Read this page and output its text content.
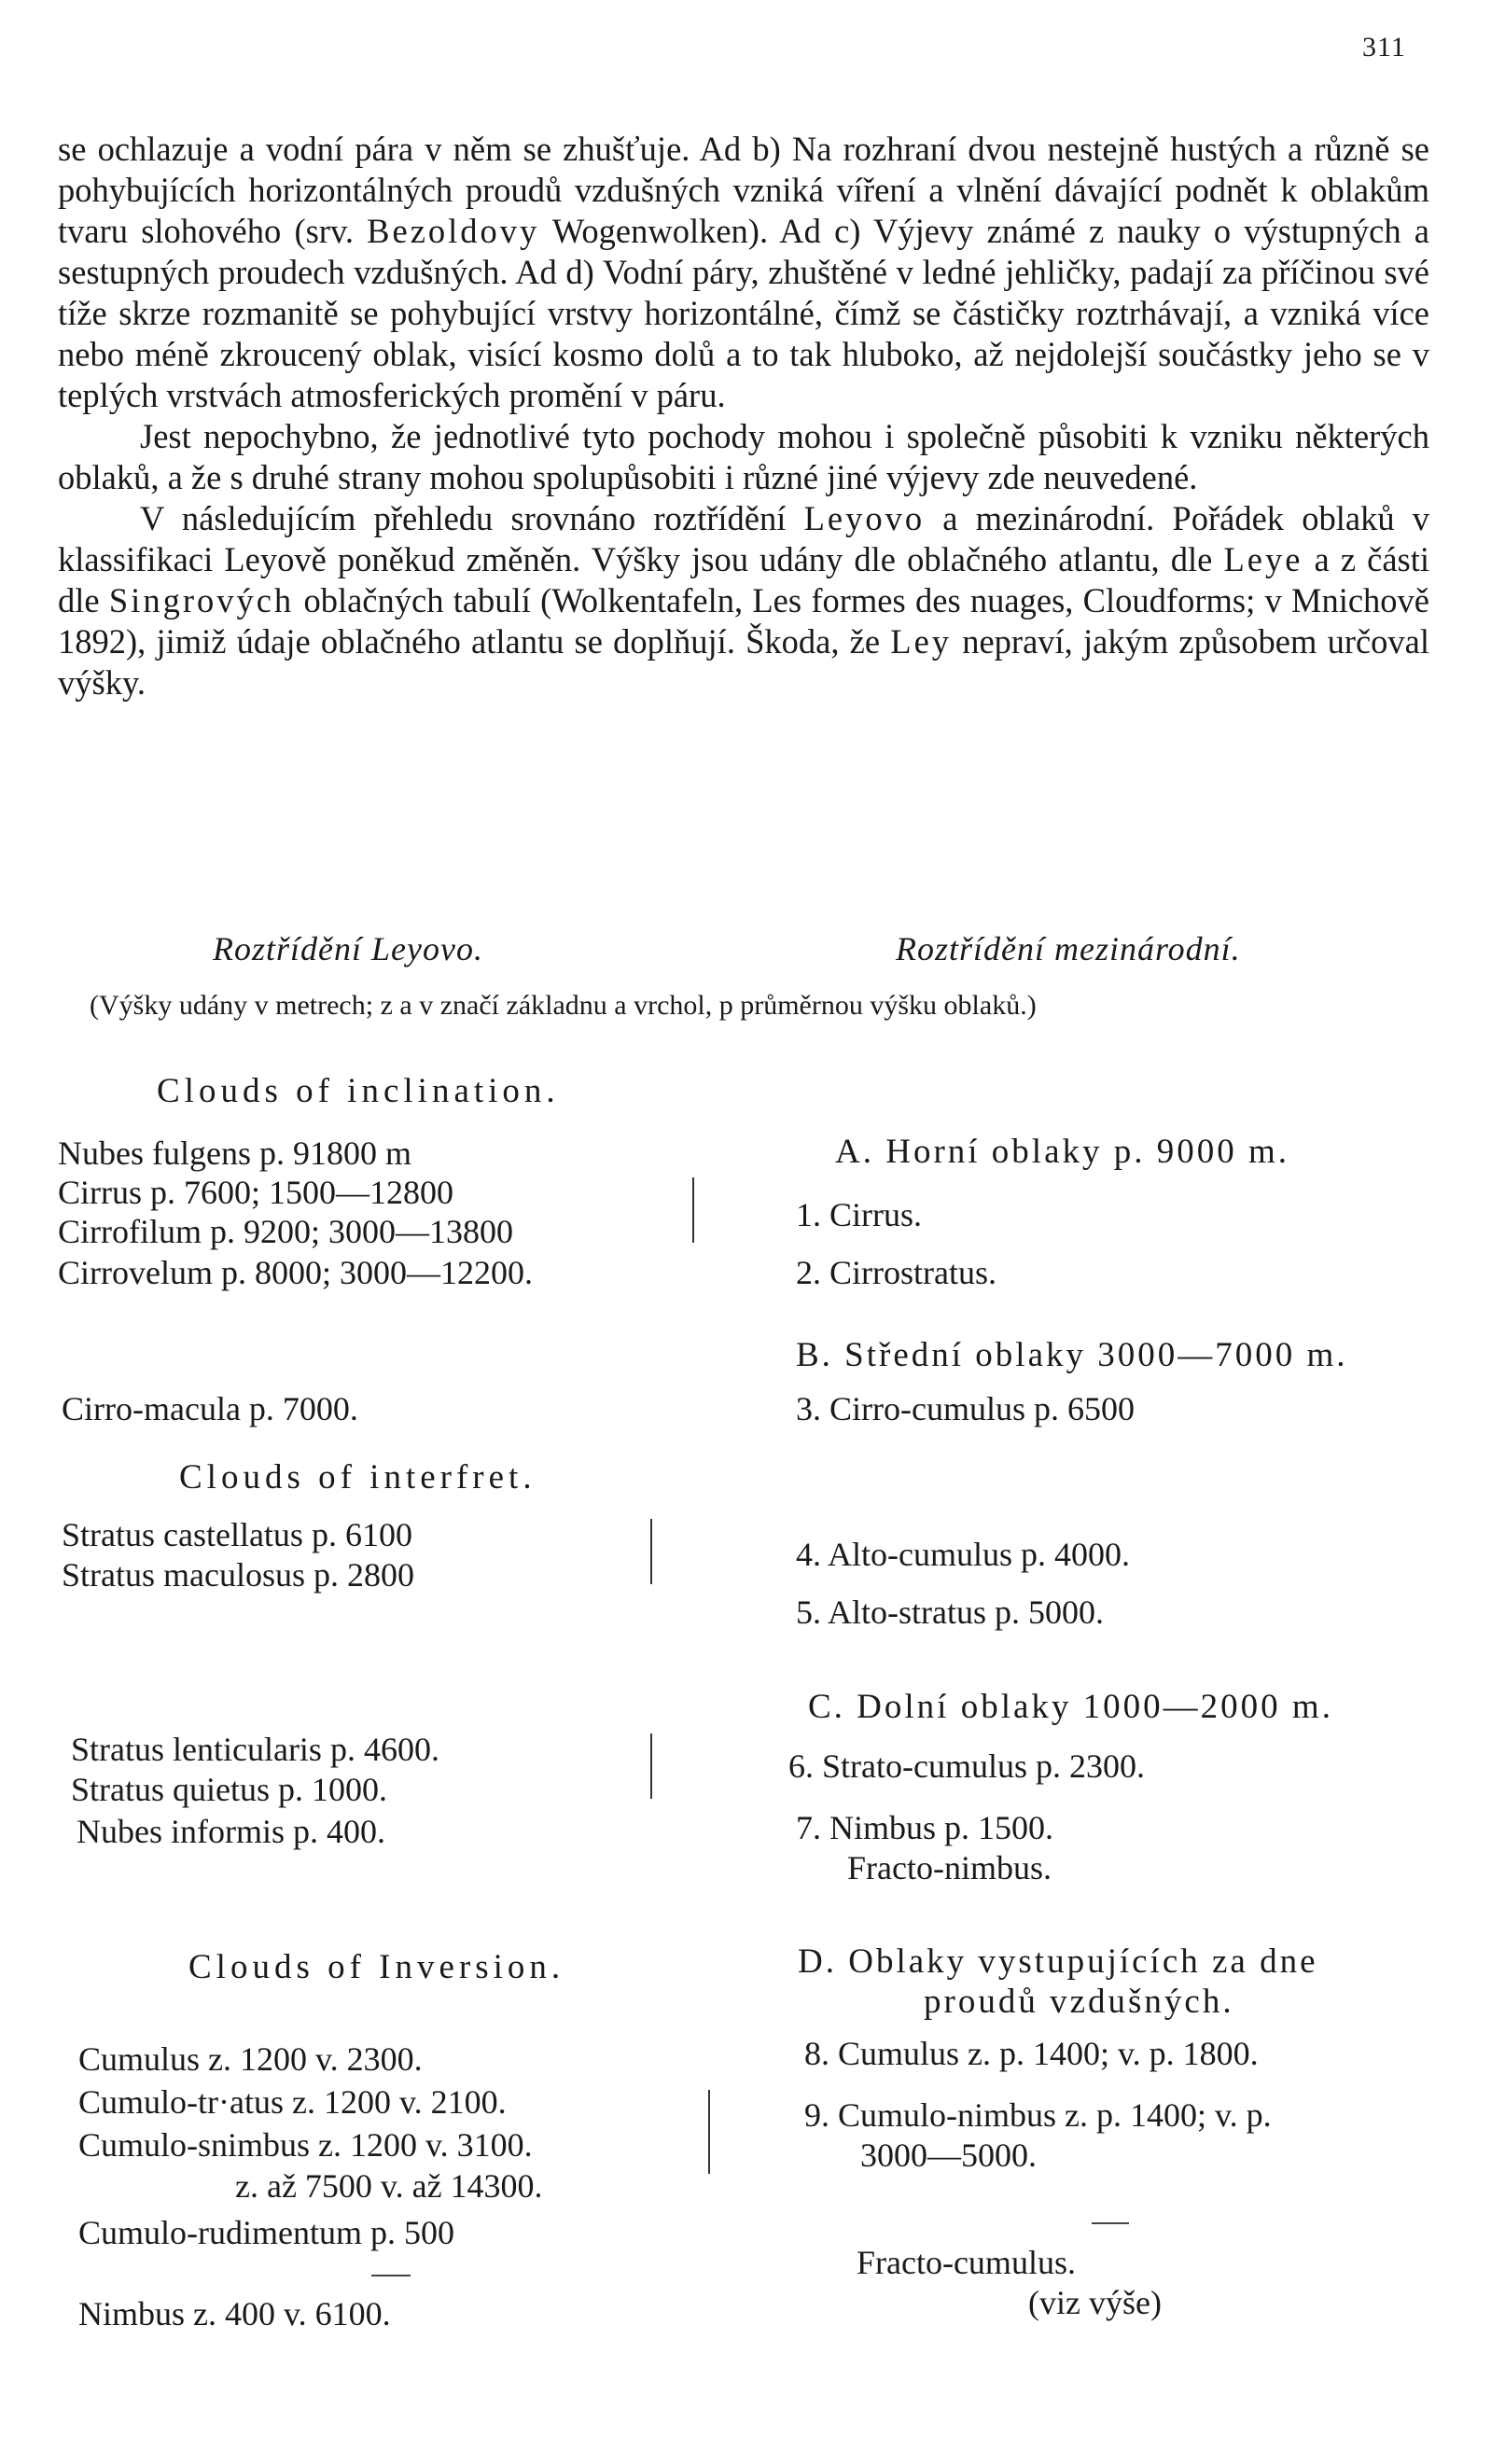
311

se ochlazuje a vodní pára v něm se zhušťuje. Ad b) Na rozhraní dvou nestejně hustých a různě se pohybujících horizontálných proudů vzdušných vzniká víření a vlnění dávající podnět k oblakům tvaru slohového (srv. Bezoldovy Wogenwolken). Ad c) Výjevy známé z nauky o výstupných a sestupných proudech vzdušných. Ad d) Vodní páry, zhuštěné v ledné jehličky, padají za příčinou své tíže skrze rozmanitě se pohybující vrstvy horizontálné, čímž se částičky roztrhávají, a vzniká více nebo méně zkroucený oblak, visící kosmo dolů a to tak hluboko, až nejdolejší součástky jeho se v teplých vrstvách atmosferických promění v páru.

Jest nepochybno, že jednotlivé tyto pochody mohou i společně působiti k vzniku některých oblaků, a že s druhé strany mohou spolupůsobiti i různé jiné výjevy zde neuvedené.

V následujícím přehledu srovnáno roztřídění Leyovo a mezinárodní. Pořádek oblaků v klassifikaci Leyově poněkud změněn. Výšky jsou udány dle oblačného atlantu, dle Leye a z části dle Singrových oblačných tabulí (Wolkentafeln, Les formes des nuages, Cloudforms; v Mnichově 1892), jimiž údaje oblačného atlantu se doplňují. Škoda, že Ley nepraví, jakým způsobem určoval výšky.

Roztřídění Leyovo.	Roztřídění mezinárodní.
(Výšky udány v metrech; z a v značí základnu a vrchol, p průměrnou výšku oblaků.)
Clouds of inclination.
Nubes fulgens p. 91800 m
Cirrus p. 7600; 1500—12800
Cirrofilum p. 9200; 3000—13800
Cirrovelum p. 8000; 3000—12200.
Cirro-macula p. 7000.
Clouds of interfret.
Stratus castellatus p. 6100
Stratus maculosus p. 2800
Stratus lenticularis p. 4600.
Stratus quietus p. 1000.
Nubes informis p. 400.
Clouds of Inversion.
Cumulus z. 1200 v. 2300.
Cumulo-tr·atus z. 1200 v. 2100.
Cumulo-snimbus z. 1200 v. 3100.
z. až 7500 v. až 14300.
Cumulo-rudimentum p. 500
Nimbus z. 400 v. 6100.
A. Horní oblaky p. 9000 m.
1. Cirrus.
2. Cirrostratus.
B. Střední oblaky 3000—7000 m.
3. Cirro-cumulus p. 6500
4. Alto-cumulus p. 4000.
5. Alto-stratus p. 5000.
C. Dolní oblaky 1000—2000 m.
6. Strato-cumulus p. 2300.
7. Nimbus p. 1500.
Fracto-nimbus.
D. Oblaky vystupujících za dne
proudů vzdušných.
8. Cumulus z. p. 1400; v. p. 1800.
9. Cumulo-nimbus z. p. 1400; v. p.
3000—5000.
Fracto-cumulus.
(viz výše)
